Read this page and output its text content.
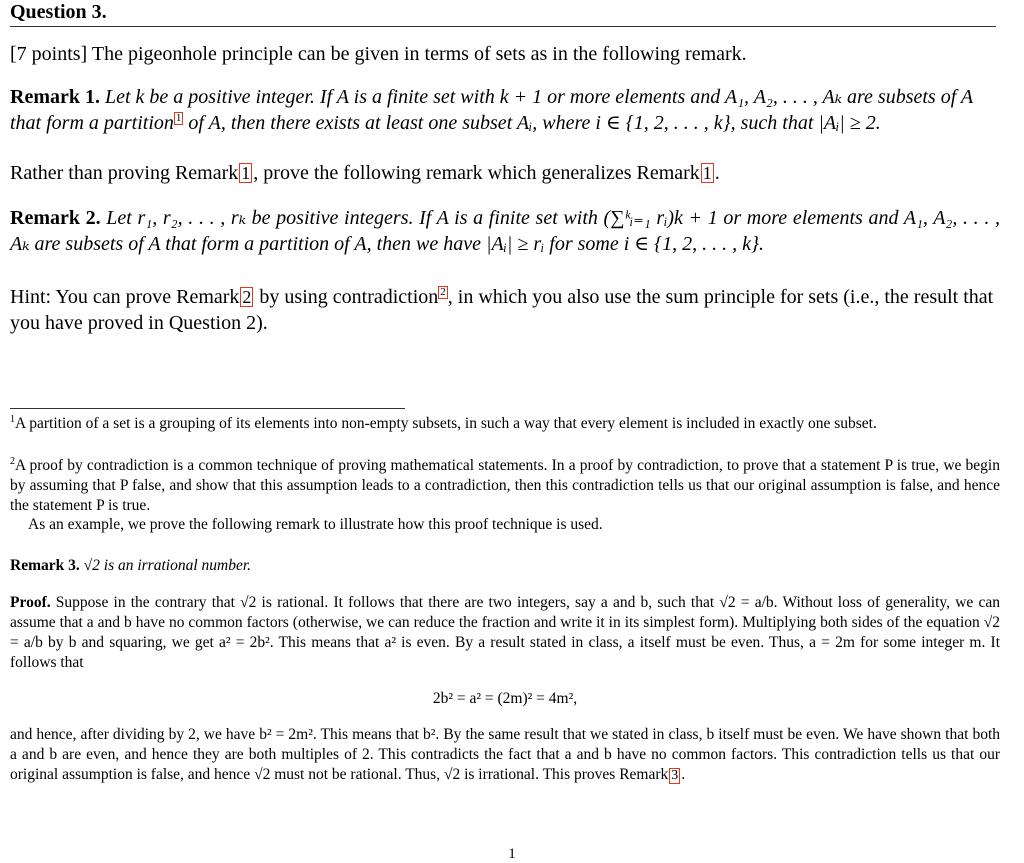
Question 3.

[7 points] The pigeonhole principle can be given in terms of sets as in the following remark.

Remark 1. Let k be a positive integer. If A is a finite set with k + 1 or more elements and A₁, A₂, . . . , Aₖ are subsets of A that form a partition 1 of A, then there exists at least one subset Aᵢ, where i ∈ {1, 2, . . . , k}, such that |Aᵢ| ≥ 2.

Rather than proving Remark 1 , prove the following remark which generalizes Remark 1 .

Remark 2. Let r₁, r₂, . . . , rₖ be positive integers. If A is a finite set with (∑ᵏᵢ₌₁ rᵢ)k + 1 or more elements and A₁, A₂, . . . , Aₖ are subsets of A that form a partition of A, then we have |Aᵢ| ≥ rᵢ for some i ∈ {1, 2, . . . , k}.

Hint: You can prove Remark 2 by using contradiction 2 , in which you also use the sum principle for sets (i.e., the result that you have proved in Question 2).

$^1$A partition of a set is a grouping of its elements into non-empty subsets, in such a way that every element is included in exactly one subset.

$^2$A proof by contradiction is a common technique of proving mathematical statements. In a proof by contradiction, to prove that a statement P is true, we begin by assuming that P false, and show that this assumption leads to a contradiction, then this contradiction tells us that our original assumption is false, and hence the statement P is true.

As an example, we prove the following remark to illustrate how this proof technique is used.

Remark 3. √2 is an irrational number.

Proof. Suppose in the contrary that √2 is rational. It follows that there are two integers, say a and b, such that √2 = a/b. Without loss of generality, we can assume that a and b have no common factors (otherwise, we can reduce the fraction and write it in its simplest form). Multiplying both sides of the equation √2 = a/b by b and squaring, we get a² = 2b². This means that a² is even. By a result stated in class, a itself must be even. Thus, a = 2m for some integer m. It follows that

2b² = a² = (2m)² = 4m²,

and hence, after dividing by 2, we have b² = 2m². This means that b². By the same result that we stated in class, b itself must be even. We have shown that both a and b are even, and hence they are both multiples of 2. This contradicts the fact that a and b have no common factors. This contradiction tells us that our original assumption is false, and hence √2 must not be rational. Thus, √2 is irrational. This proves Remark 3 .

1
